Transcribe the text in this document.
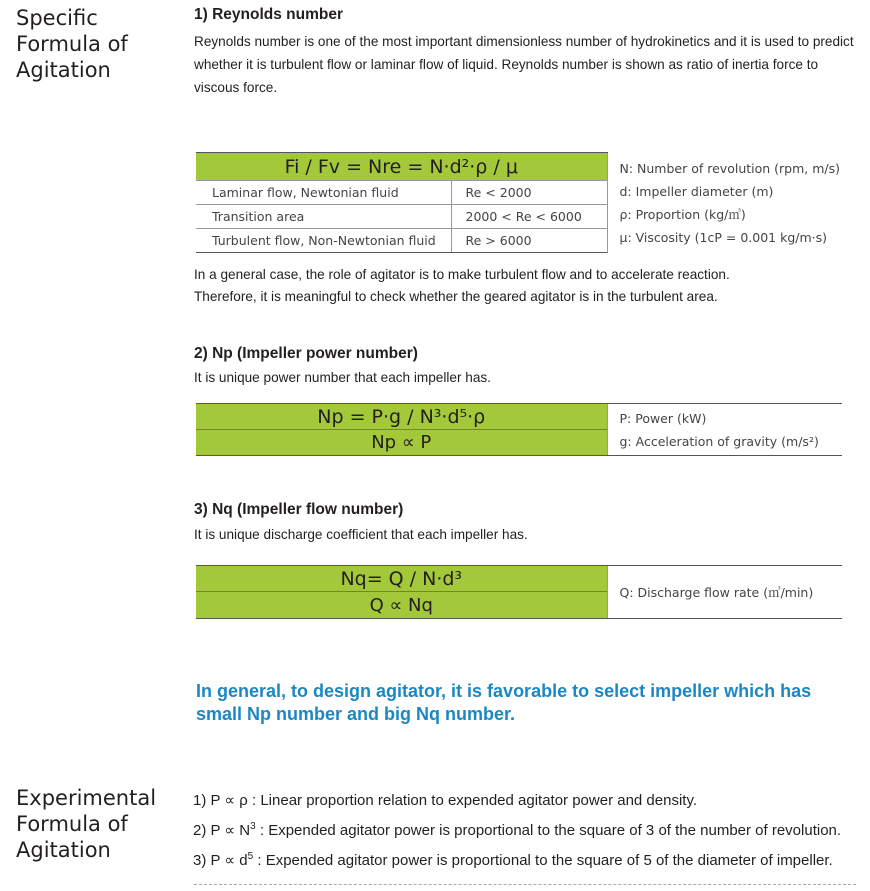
Specific Formula of Agitation
1) Reynolds number

Reynolds number is one of the most important dimensionless number of hydrokinetics and it is used to predict whether it is turbulent flow or laminar flow of liquid. Reynolds number is shown as ratio of inertia force to viscous force.

Fi / Fv = Nre = N·d²·ρ / μ		N: Number of revolution (rpm, m/s)
d: Impeller diameter (m)
ρ: Proportion (kg/㎥)
μ: Viscosity (1cP = 0.001 kg/m·s)

Laminar flow, Newtonian fluid	Re < 2000	
Transition area	2000 < Re < 6000	
Turbulent flow, Non-Newtonian fluid	Re > 6000	

In a general case, the role of agitator is to make turbulent flow and to accelerate reaction. Therefore, it is meaningful to check whether the geared agitator is in the turbulent area.

2) Np (Impeller power number)

It is unique power number that each impeller has.

Np = P·g / N³·d⁵·ρ	P: Power (kW)
g: Acceleration of gravity (m/s²)

Np ∝ P
3) Nq (Impeller flow number)

It is unique discharge coefficient that each impeller has.

Nq= Q / N·d³	
Q: Discharge flow rate (㎥/min)

Q ∝ Nq

In general, to design agitator, it is favorable to select impeller which has small Np number and big Nq number.

Experimental Formula of Agitation
1) P ∝ ρ : Linear proportion relation to expended agitator power and density.
2) $P \propto N^3$ : Expended agitator power is proportional to the square of 3 of the number of revolution.
3) $P \propto d^5$ : Expended agitator power is proportional to the square of 5 of the diameter of impeller.
